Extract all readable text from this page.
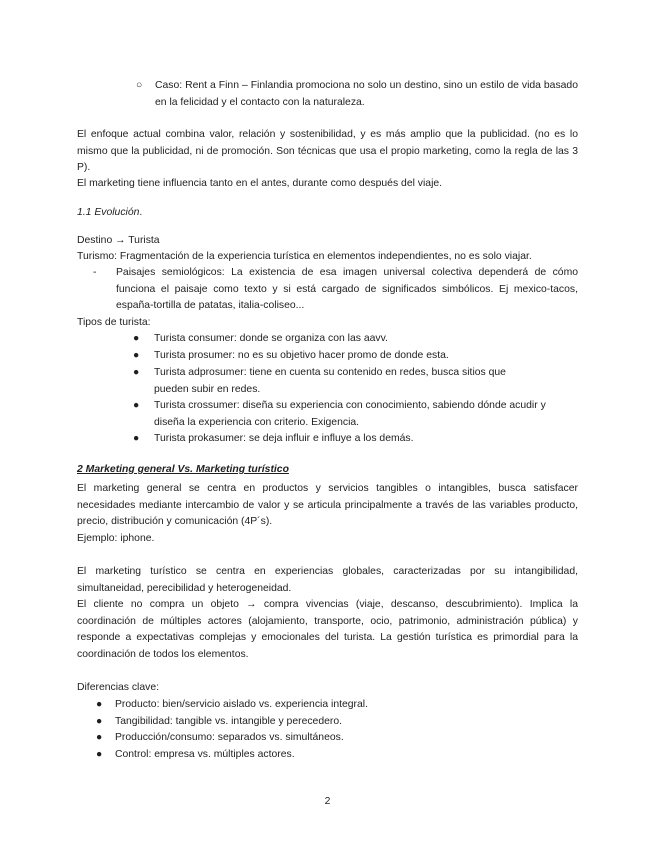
○ Caso: Rent a Finn – Finlandia promociona no solo un destino, sino un estilo de vida basado en la felicidad y el contacto con la naturaleza.

El enfoque actual combina valor, relación y sostenibilidad, y es más amplio que la publicidad. (no es lo mismo que la publicidad, ni de promoción. Son técnicas que usa el propio marketing, como la regla de las 3 P).

El marketing tiene influencia tanto en el antes, durante como después del viaje.

1.1 Evolución.

Destino → Turista

Turismo: Fragmentación de la experiencia turística en elementos independientes, no es solo viajar.

- Paisajes semiológicos: La existencia de esa imagen universal colectiva dependerá de cómo funciona el paisaje como texto y si está cargado de significados simbólicos. Ej mexico-tacos, españa-tortilla de patatas, italia-coliseo...

Tipos de turista:

● Turista consumer: donde se organiza con las aavv.
● Turista prosumer: no es su objetivo hacer promo de donde esta.
● Turista adprosumer: tiene en cuenta su contenido en redes, busca sitios que pueden subir en redes.
● Turista crossumer: diseña su experiencia con conocimiento, sabiendo dónde acudir y diseña la experiencia con criterio. Exigencia.
● Turista prokasumer: se deja influir e influye a los demás.

2 Marketing general Vs. Marketing turístico

El marketing general se centra en productos y servicios tangibles o intangibles, busca satisfacer necesidades mediante intercambio de valor y se articula principalmente a través de las variables producto, precio, distribución y comunicación (4P´s).

Ejemplo: iphone.

El marketing turístico se centra en experiencias globales, caracterizadas por su intangibilidad, simultaneidad, perecibilidad y heterogeneidad.

El cliente no compra un objeto → compra vivencias (viaje, descanso, descubrimiento). Implica la coordinación de múltiples actores (alojamiento, transporte, ocio, patrimonio, administración pública) y responde a expectativas complejas y emocionales del turista. La gestión turística es primordial para la coordinación de todos los elementos.

Diferencias clave:

● Producto: bien/servicio aislado vs. experiencia integral.
● Tangibilidad: tangible vs. intangible y perecedero.
● Producción/consumo: separados vs. simultáneos.
● Control: empresa vs. múltiples actores.
2
